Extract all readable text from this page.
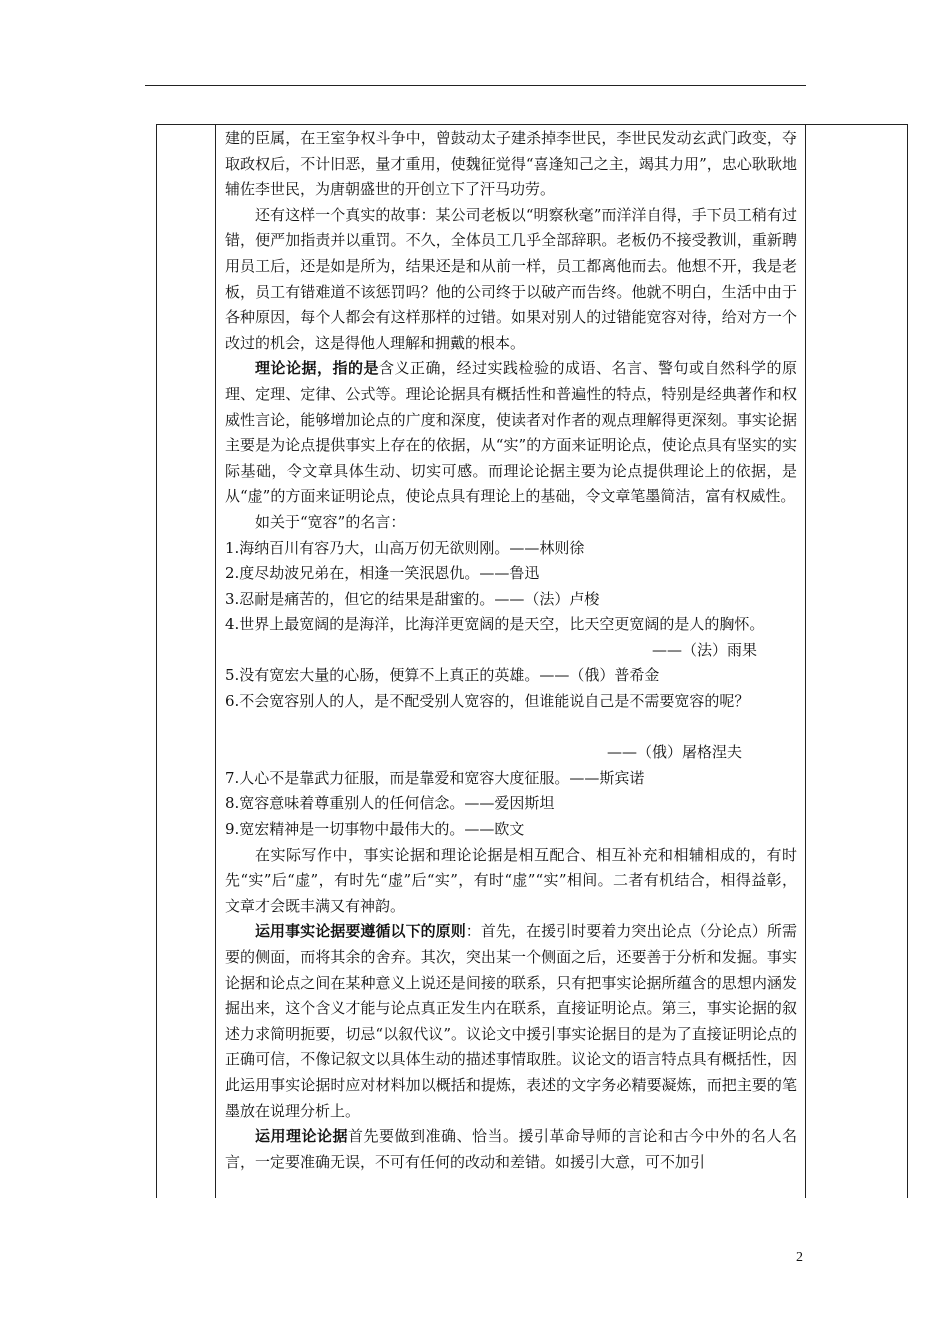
建的臣属，在王室争权斗争中，曾鼓动太子建杀掉李世民，李世民发动玄武门政变，夺取政权后，不计旧恶，量才重用，使魏征觉得“喜逢知己之主，竭其力用”，忠心耿耿地辅佐李世民，为唐朝盛世的开创立下了汗马功劳。

还有这样一个真实的故事：某公司老板以“明察秋毫”而洋洋自得，手下员工稍有过错，便严加指责并以重罚。不久，全体员工几乎全部辞职。老板仍不接受教训，重新聘用员工后，还是如是所为，结果还是和从前一样，员工都离他而去。他想不开，我是老板，员工有错难道不该惩罚吗？他的公司终于以破产而告终。他就不明白，生活中由于各种原因，每个人都会有这样那样的过错。如果对别人的过错能宽容对待，给对方一个改过的机会，这是得他人理解和拥戴的根本。

理论论据，指的是含义正确，经过实践检验的成语、名言、警句或自然科学的原理、定理、定律、公式等。理论论据具有概括性和普遍性的特点，特别是经典著作和权威性言论，能够增加论点的广度和深度，使读者对作者的观点理解得更深刻。事实论据主要是为论点提供事实上存在的依据，从“实”的方面来证明论点，使论点具有坚实的实际基础，令文章具体生动、切实可感。而理论论据主要为论点提供理论上的依据，是从“虚”的方面来证明论点，使论点具有理论上的基础，令文章笔墨简洁，富有权威性。

如关于“宽容”的名言：

1.海纳百川有容乃大，山高万仞无欲则刚。——林则徐

2.度尽劫波兄弟在，相逢一笑泯恩仇。——鲁迅

3.忍耐是痛苦的，但它的结果是甜蜜的。——（法）卢梭

4.世界上最宽阔的是海洋，比海洋更宽阔的是天空，比天空更宽阔的是人的胸怀。

——（法）雨果

5.没有宽宏大量的心肠，便算不上真正的英雄。——（俄）普希金

6.不会宽容别人的人，是不配受别人宽容的，但谁能说自己是不需要宽容的呢？

——（俄）屠格涅夫

7.人心不是靠武力征服，而是靠爱和宽容大度征服。——斯宾诺

8.宽容意味着尊重别人的任何信念。——爱因斯坦

9.宽宏精神是一切事物中最伟大的。——欧文

在实际写作中，事实论据和理论论据是相互配合、相互补充和相辅相成的，有时先“实”后“虚”，有时先“虚”后“实”，有时“虚”“实”相间。二者有机结合，相得益彰，文章才会既丰满又有神韵。

运用事实论据要遵循以下的原则：首先，在援引时要着力突出论点（分论点）所需要的侧面，而将其余的舍弃。其次，突出某一个侧面之后，还要善于分析和发掘。事实论据和论点之间在某种意义上说还是间接的联系，只有把事实论据所蕴含的思想内涵发掘出来，这个含义才能与论点真正发生内在联系，直接证明论点。第三，事实论据的叙述力求简明扼要，切忌“以叙代议”。议论文中援引事实论据目的是为了直接证明论点的正确可信，不像记叙文以具体生动的描述事情取胜。议论文的语言特点具有概括性，因此运用事实论据时应对材料加以概括和提炼，表述的文字务必精要凝炼，而把主要的笔墨放在说理分析上。

运用理论论据首先要做到准确、恰当。援引革命导师的言论和古今中外的名人名言，一定要准确无误，不可有任何的改动和差错。如援引大意，可不加引

2
